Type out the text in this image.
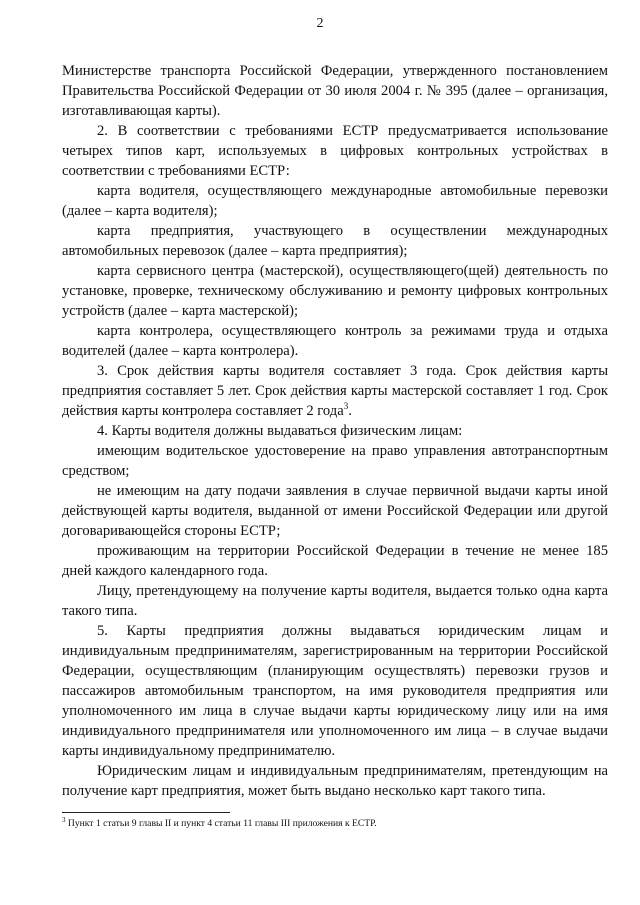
2

Министерстве транспорта Российской Федерации, утвержденного постановлением Правительства Российской Федерации от 30 июля 2004 г. № 395 (далее – организация, изготавливающая карты).

2. В соответствии с требованиями ЕСТР предусматривается использование четырех типов карт, используемых в цифровых контрольных устройствах в соответствии с требованиями ЕСТР:

карта водителя, осуществляющего международные автомобильные перевозки (далее – карта водителя);

карта предприятия, участвующего в осуществлении международных автомобильных перевозок (далее – карта предприятия);

карта сервисного центра (мастерской), осуществляющего(щей) деятельность по установке, проверке, техническому обслуживанию и ремонту цифровых контрольных устройств (далее – карта мастерской);

карта контролера, осуществляющего контроль за режимами труда и отдыха водителей (далее – карта контролера).

3. Срок действия карты водителя составляет 3 года. Срок действия карты предприятия составляет 5 лет. Срок действия карты мастерской составляет 1 год. Срок действия карты контролера составляет 2 года$^3$.

4. Карты водителя должны выдаваться физическим лицам:

имеющим водительское удостоверение на право управления автотранспортным средством;

не имеющим на дату подачи заявления в случае первичной выдачи карты иной действующей карты водителя, выданной от имени Российской Федерации или другой договаривающейся стороны ЕСТР;

проживающим на территории Российской Федерации в течение не менее 185 дней каждого календарного года.

Лицу, претендующему на получение карты водителя, выдается только одна карта такого типа.

5. Карты предприятия должны выдаваться юридическим лицам и индивидуальным предпринимателям, зарегистрированным на территории Российской Федерации, осуществляющим (планирующим осуществлять) перевозки грузов и пассажиров автомобильным транспортом, на имя руководителя предприятия или уполномоченного им лица в случае выдачи карты юридическому лицу или на имя индивидуального предпринимателя или уполномоченного им лица – в случае выдачи карты индивидуальному предпринимателю.

Юридическим лицам и индивидуальным предпринимателям, претендующим на получение карт предприятия, может быть выдано несколько карт такого типа.

$^3$ Пункт 1 статьи 9 главы II и пункт 4 статьи 11 главы III приложения к ЕСТР.
